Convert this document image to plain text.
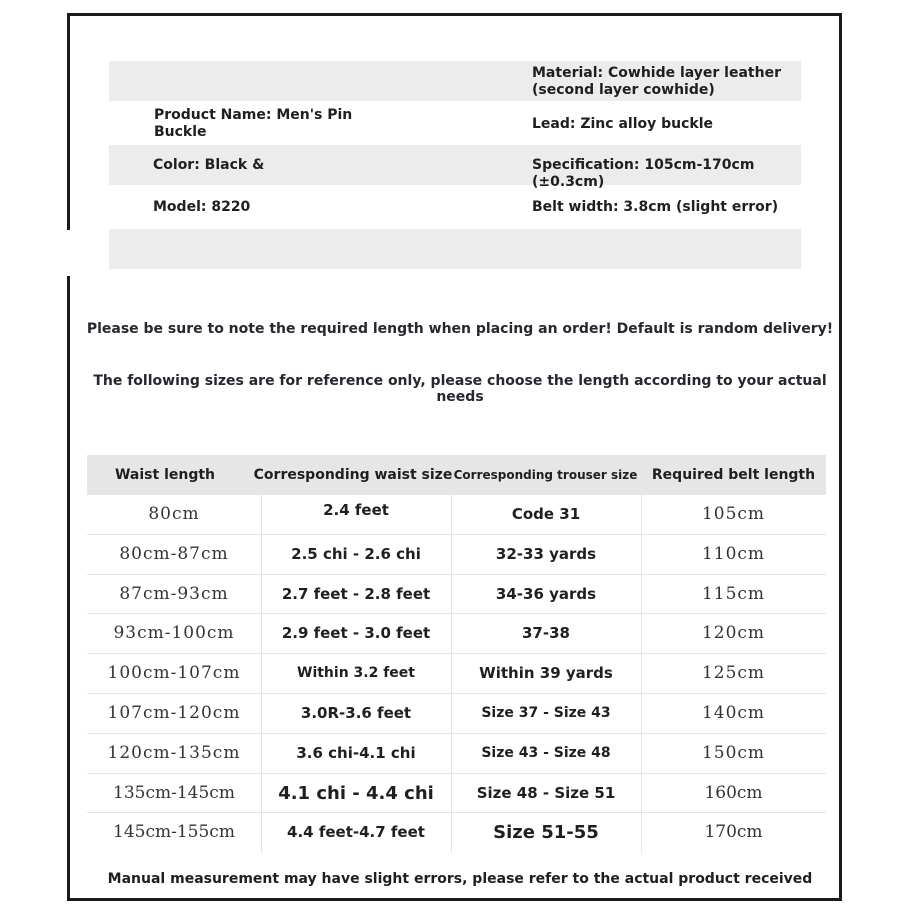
Product Name: Men's Pin Buckle
Color: Black &
Model: 8220
Material: Cowhide layer leather (second layer cowhide)
Lead: Zinc alloy buckle
Specification: 105cm-170cm (±0.3cm)
Belt width: 3.8cm (slight error)
Please be sure to note the required length when placing an order! Default is random delivery!
The following sizes are for reference only, please choose the length according to your actual needs
Waist length	Corresponding waist size Corresponding trouser size	Required belt length
80cm	2.4 feet	Code 31	105cm
80cm-87cm	2.5 chi - 2.6 chi	32-33 yards	110cm
87cm-93cm	2.7 feet - 2.8 feet	34-36 yards	115cm
93cm-100cm	2.9 feet - 3.0 feet	37-38	120cm
100cm-107cm	Within 3.2 feet	Within 39 yards	125cm
107cm-120cm	3.0R-3.6 feet	Size 37 - Size 43	140cm
120cm-135cm	3.6 chi-4.1 chi	Size 43 - Size 48	150cm
135cm-145cm	4.1 chi - 4.4 chi	Size 48 - Size 51	160cm
145cm-155cm	4.4 feet-4.7 feet	Size 51-55	170cm
Manual measurement may have slight errors, please refer to the actual product received
